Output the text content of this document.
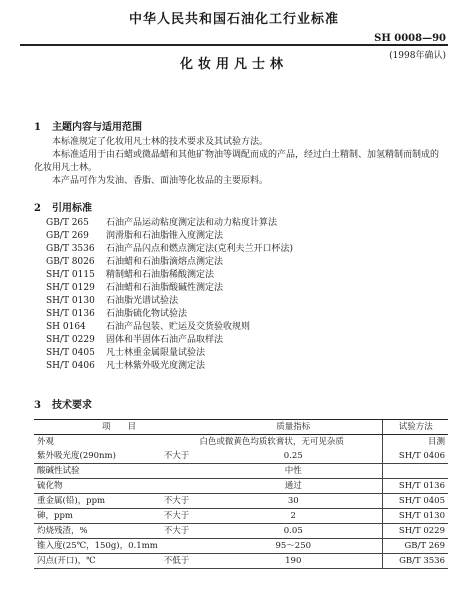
中华人民共和国石油化工行业标准
SH 0008—90
(1998年确认)
化妆用凡士林
1 主题内容与适用范围

本标准规定了化妆用凡士林的技术要求及其试验方法。

本标准适用于由石蜡或微晶蜡和其他矿物油等调配而成的产品，经过白土精制、加氢精制而制成的化妆用凡士林。

本产品可作为发油、香脂、面油等化妆品的主要原料。

2 引用标准
GB/T 265 石油产品运动粘度测定法和动力粘度计算法
GB/T 269 润滑脂和石油脂锥入度测定法
GB/T 3536 石油产品闪点和燃点测定法(克利夫兰开口杯法)
GB/T 8026 石油蜡和石油脂滴熔点测定法
SH/T 0115 精制蜡和石油脂稀酸测定法
SH/T 0129 石油蜡和石油脂酸碱性测定法
SH/T 0130 石油脂光谱试验法
SH/T 0136 石油脂硫化物试验法
SH 0164 石油产品包装、贮运及交货验收规则
SH/T 0229 固体和半固体石油产品取样法
SH/T 0405 凡士林重金属限量试验法
SH/T 0406 凡士林紫外吸光度测定法
3 技术要求
项　　目		质量指标	试验方法
外观	白色或微黄色均质软膏状，无可见杂质		目测
紫外吸光度(290nm)	不大于	0.25	SH/T 0406
酸碱性试验		中性	
硫化物		通过	SH/T 0136
重金属(铅)，ppm	不大于	30	SH/T 0405
砷，ppm	不大于	2	SH/T 0130
灼烧残渣，%	不大于	0.05	SH/T 0229
锥入度(25℃，150g)，0.1mm		95～250	GB/T 269
闪点(开口)，℃	不低于	190	GB/T 3536
